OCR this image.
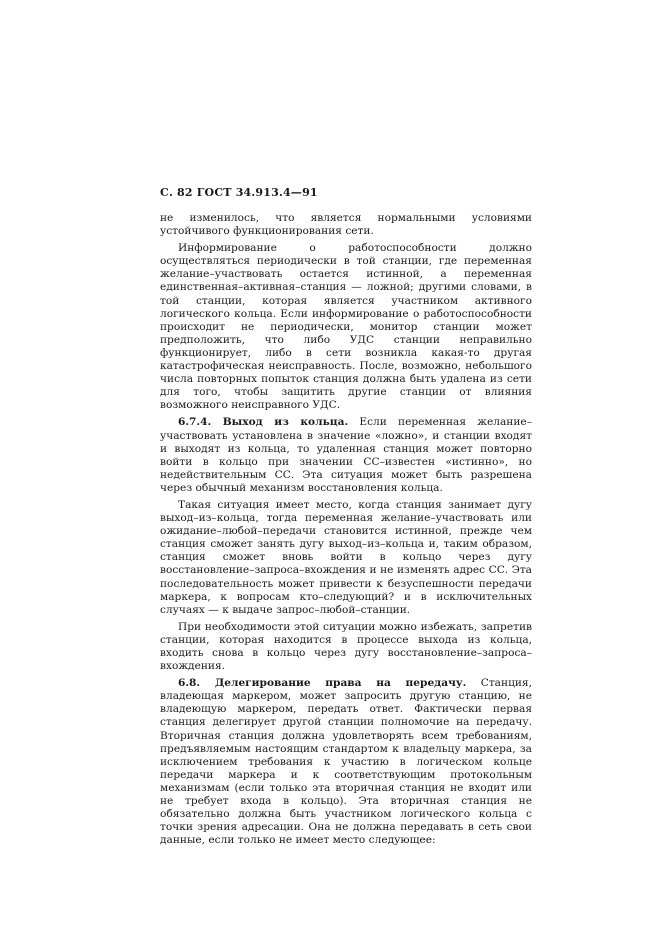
С. 82 ГОСТ 34.913.4—91

не изменилось, что является нормальными условиями устойчивого функционирования сети.

Информирование о работоспособности должно осуществляться периодически в той станции, где переменная желание–участвовать остается истинной, а переменная единственная–активная–станция — ложной; другими словами, в той станции, которая является участником активного логического кольца. Если информирование о работоспособности происходит не периодически, монитор станции может предположить, что либо УДС станции неправильно функционирует, либо в сети возникла какая-то другая катастрофическая неисправность. После, возможно, небольшого числа повторных попыток станция должна быть удалена из сети для того, чтобы защитить другие станции от влияния возможного неисправного УДС.

6.7.4. Выход из кольца. Если переменная желание–участвовать установлена в значение «ложно», и станции входят и выходят из кольца, то удаленная станция может повторно войти в кольцо при значении СС–известен «истинно», но недействительным СС. Эта ситуация может быть разрешена через обычный механизм восстановления кольца.

Такая ситуация имеет место, когда станция занимает дугу выход–из–кольца, тогда переменная желание–участвовать или ожидание–любой–передачи становится истинной, прежде чем станция сможет занять дугу выход–из–кольца и, таким образом, станция сможет вновь войти в кольцо через дугу восстановление–запроса–вхождения и не изменять адрес СС. Эта последовательность может привести к безуспешности передачи маркера, к вопросам кто–следующий? и в исключительных случаях — к выдаче запрос–любой–станции.

При необходимости этой ситуации можно избежать, запретив станции, которая находится в процессе выхода из кольца, входить снова в кольцо через дугу восстановление–запроса–вхождения.

6.8. Делегирование права на передачу. Станция, владеющая маркером, может запросить другую станцию, не владеющую маркером, передать ответ. Фактически первая станция делегирует другой станции полномочие на передачу. Вторичная станция должна удовлетворять всем требованиям, предъявляемым настоящим стандартом к владельцу маркера, за исключением требования к участию в логическом кольце передачи маркера и к соответствующим протокольным механизмам (если только эта вторичная станция не входит или не требует входа в кольцо). Эта вторичная станция не обязательно должна быть участником логического кольца с точки зрения адресации. Она не должна передавать в сеть свои данные, если только не имеет место следующее:
